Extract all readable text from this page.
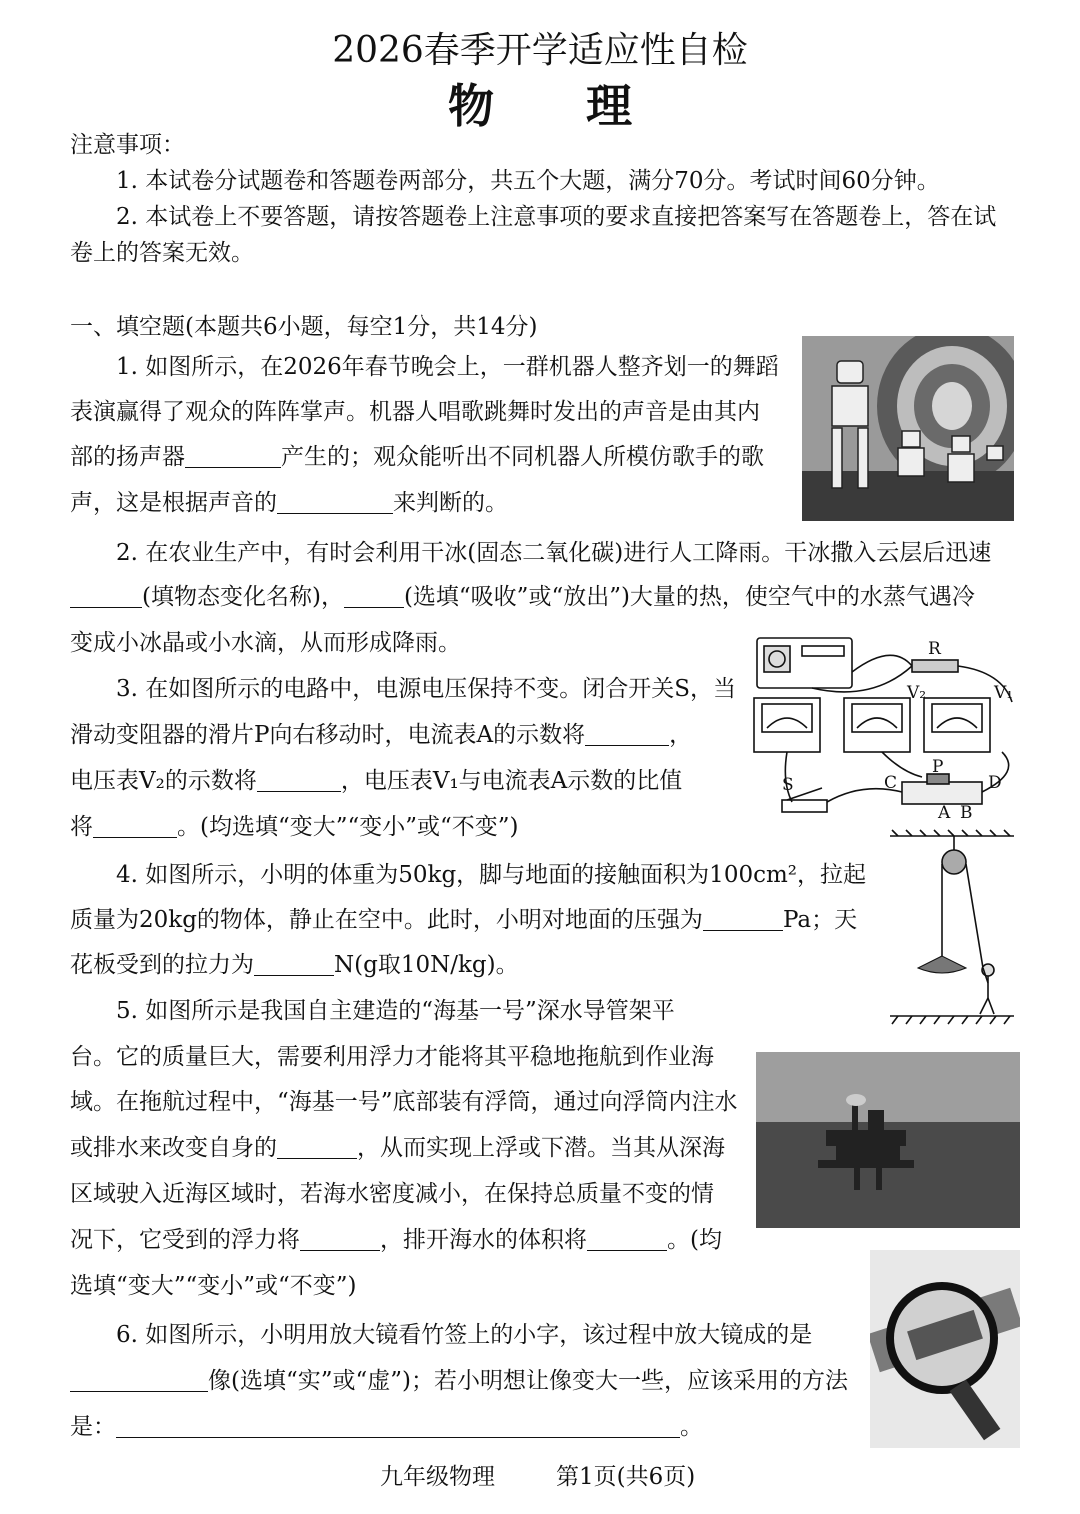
2026春季开学适应性自检
物　　理
注意事项：
1. 本试卷分试题卷和答题卷两部分，共五个大题，满分70分。考试时间60分钟。
2. 本试卷上不要答题，请按答题卷上注意事项的要求直接把答案写在答题卷上，答在试
卷上的答案无效。
一、填空题(本题共6小题，每空1分，共14分)
1. 如图所示，在2026年春节晚会上，一群机器人整齐划一的舞蹈
表演赢得了观众的阵阵掌声。机器人唱歌跳舞时发出的声音是由其内
部的扬声器	产生的；观众能听出不同机器人所模仿歌手的歌
声，这是根据声音的	来判断的。
2. 在农业生产中，有时会利用干冰(固态二氧化碳)进行人工降雨。干冰撒入云层后迅速
(填物态变化名称)，	(选填“吸收”或“放出”)大量的热，使空气中的水蒸气遇冷
变成小冰晶或小水滴，从而形成降雨。
3. 在如图所示的电路中，电源电压保持不变。闭合开关S，当
滑动变阻器的滑片P向右移动时，电流表A的示数将	，
电压表V₂的示数将	，电压表V₁与电流表A示数的比值
将	。(均选填“变大”“变小”或“不变”)
R
V₂	V₁
S
P
C	D
A B
4. 如图所示，小明的体重为50kg，脚与地面的接触面积为100cm²，拉起
质量为20kg的物体，静止在空中。此时，小明对地面的压强为	Pa；天
花板受到的拉力为	N(g取10N/kg)。
5. 如图所示是我国自主建造的“海基一号”深水导管架平
台。它的质量巨大，需要利用浮力才能将其平稳地拖航到作业海
域。在拖航过程中，“海基一号”底部装有浮筒，通过向浮筒内注水
或排水来改变自身的	，从而实现上浮或下潜。当其从深海
区域驶入近海区域时，若海水密度减小，在保持总质量不变的情
况下，它受到的浮力将	，排开海水的体积将	。(均
选填“变大”“变小”或“不变”)
6. 如图所示，小明用放大镜看竹签上的小字，该过程中放大镜成的是
像(选填“实”或“虚”)；若小明想让像变大一些，应该采用的方法
是：	。
九年级物理	第1页(共6页)
